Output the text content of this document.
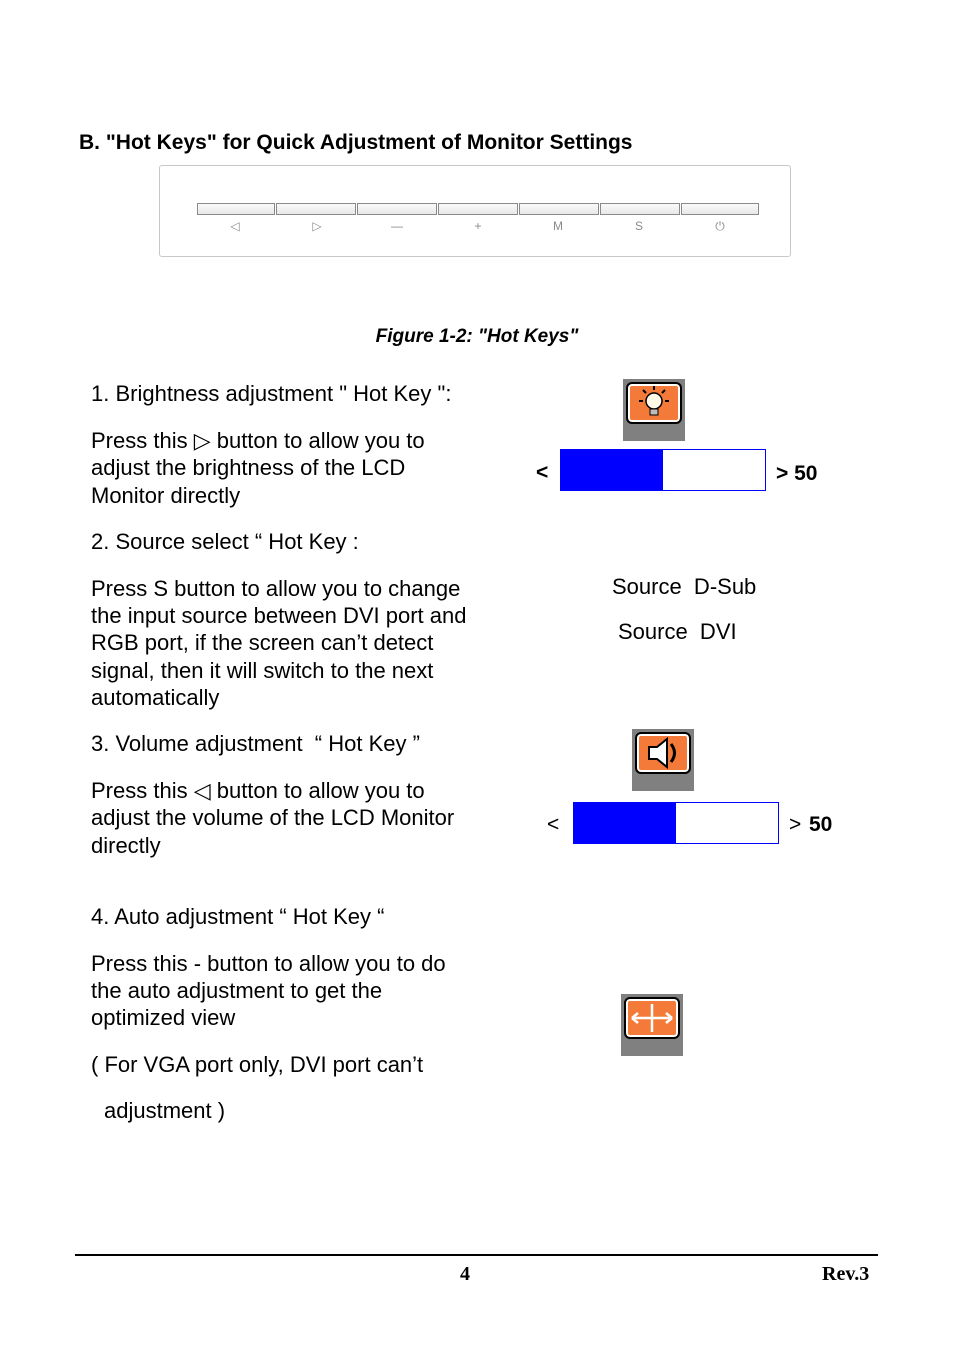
B. "Hot Keys" for Quick Adjustment of Monitor Settings
◁	▷	—	+	M	S	⏻
Figure 1-2: "Hot Keys"
1. Brightness adjustment " Hot Key ":
Press this ▷ button to allow you to
adjust the brightness of the LCD
Monitor directly
<	> 50
2. Source select “ Hot Key :
Press S button to allow you to change
the input source between DVI port and
RGB port, if the screen can’t detect
signal, then it will switch to the next
automatically
Source  D-Sub
Source  DVI
3. Volume adjustment  “ Hot Key ”
Press this ◁ button to allow you to
adjust the volume of the LCD Monitor
directly
<	> 50
4. Auto adjustment “ Hot Key “
Press this - button to allow you to do
the auto adjustment to get the
optimized view
( For VGA port only, DVI port can’t
adjustment )
4	Rev.3
